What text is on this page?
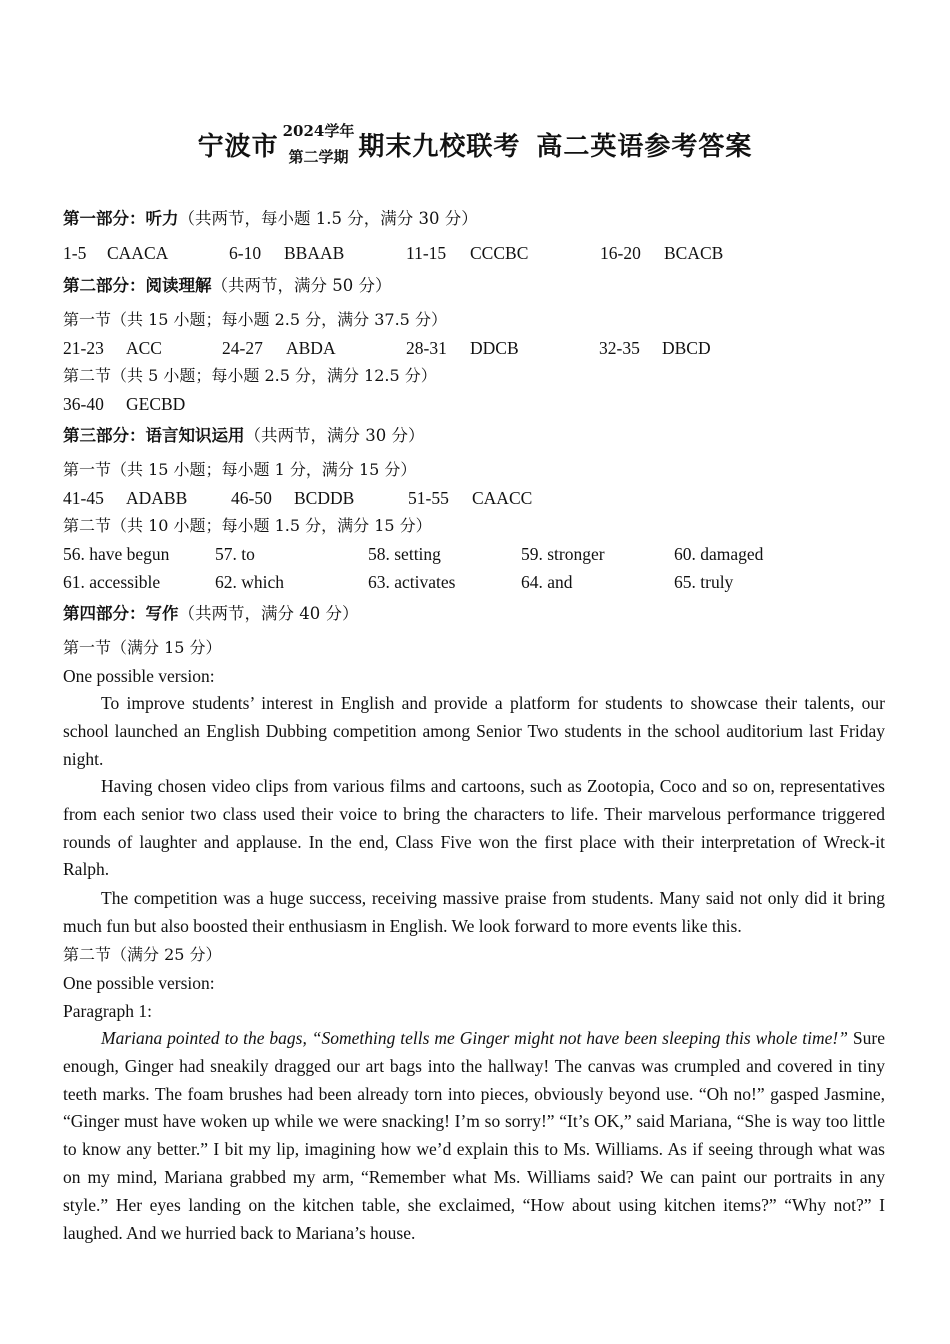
宁波市
2024学年
第二学期 期末九校联考 高二英语参考答案
第一部分：听力（共两节，每小题 1.5 分，满分 30 分）
1-5 CAACA	6-10 BBAAB	11-15 CCCBC	16-20 BCACB
第二部分：阅读理解（共两节，满分 50 分）
第一节（共 15 小题；每小题 2.5 分，满分 37.5 分）
21-23 ACC	24-27 ABDA	28-31 DDCB	32-35 DBCD
第二节（共 5 小题；每小题 2.5 分，满分 12.5 分）
36-40 GECBD
第三部分：语言知识运用（共两节，满分 30 分）
第一节（共 15 小题；每小题 1 分，满分 15 分）
41-45 ADABB 46-50 BCDDB	51-55 CAACC
第二节（共 10 小题；每小题 1.5 分，满分 15 分）
56. have begun	57. to	58. setting	59. stronger	60. damaged
61. accessible	62. which	63. activates	64. and	65. truly
第四部分：写作（共两节，满分 40 分）
第一节（满分 15 分）
One possible version:

To improve students’ interest in English and provide a platform for students to showcase their talents, our school launched an English Dubbing competition among Senior Two students in the school auditorium last Friday night.

Having chosen video clips from various films and cartoons, such as Zootopia, Coco and so on, representatives from each senior two class used their voice to bring the characters to life. Their marvelous performance triggered rounds of laughter and applause. In the end, Class Five won the first place with their interpretation of Wreck-it Ralph.

The competition was a huge success, receiving massive praise from students. Many said not only did it bring much fun but also boosted their enthusiasm in English. We look forward to more events like this.

第二节（满分 25 分）
One possible version:
Paragraph 1:

Mariana pointed to the bags, “Something tells me Ginger might not have been sleeping this whole time!” Sure enough, Ginger had sneakily dragged our art bags into the hallway! The canvas was crumpled and covered in tiny teeth marks. The foam brushes had been already torn into pieces, obviously beyond use. “Oh no!” gasped Jasmine, “Ginger must have woken up while we were snacking! I’m so sorry!” “It’s OK,” said Mariana, “She is way too little to know any better.” I bit my lip, imagining how we’d explain this to Ms. Williams. As if seeing through what was on my mind, Mariana grabbed my arm, “Remember what Ms. Williams said? We can paint our portraits in any style.” Her eyes landing on the kitchen table, she exclaimed, “How about using kitchen items?” “Why not?” I laughed. And we hurried back to Mariana’s house.
